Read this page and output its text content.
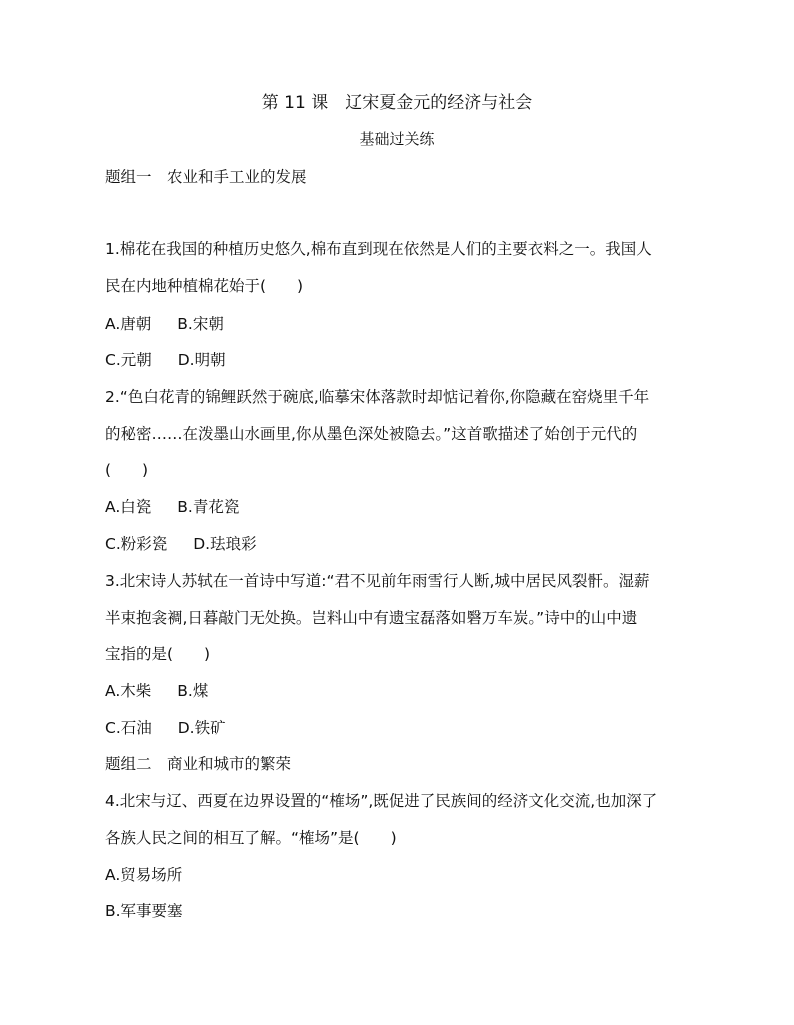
第 11 课　辽宋夏金元的经济与社会
基础过关练
题组一　农业和手工业的发展
1.棉花在我国的种植历史悠久,棉布直到现在依然是人们的主要衣料之一。我国人
民在内地种植棉花始于(　　)
A.唐朝 B.宋朝
C.元朝 D.明朝
2.“色白花青的锦鲤跃然于碗底,临摹宋体落款时却惦记着你,你隐藏在窑烧里千年
的秘密……在泼墨山水画里,你从墨色深处被隐去。”这首歌描述了始创于元代的
(　　)
A.白瓷 B.青花瓷
C.粉彩瓷 D.珐琅彩
3.北宋诗人苏轼在一首诗中写道:“君不见前年雨雪行人断,城中居民风裂骭。湿薪
半束抱衾裯,日暮敲门无处换。岂料山中有遗宝磊落如䃜万车炭。”诗中的山中遗
宝指的是(　　)
A.木柴 B.煤
C.石油 D.铁矿
题组二　商业和城市的繁荣
4.北宋与辽、西夏在边界设置的“榷场”,既促进了民族间的经济文化交流,也加深了
各族人民之间的相互了解。“榷场”是(　　)
A.贸易场所
B.军事要塞
